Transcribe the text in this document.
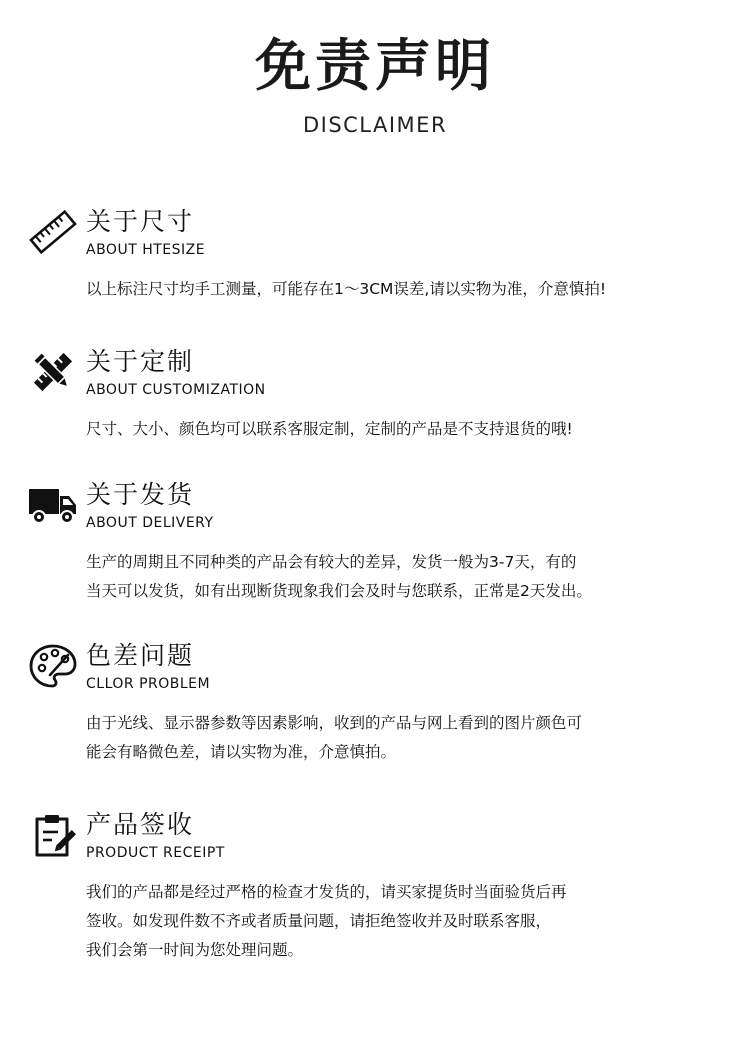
免责声明
DISCLAIMER
关于尺寸
ABOUT HTESIZE
以上标注尺寸均手工测量，可能存在1～3CM误差,请以实物为准，介意慎拍!
关于定制
ABOUT CUSTOMIZATION
尺寸、大小、颜色均可以联系客服定制，定制的产品是不支持退货的哦!
关于发货
ABOUT DELIVERY
生产的周期且不同种类的产品会有较大的差异，发货一般为3-7天，有的
当天可以发货，如有出现断货现象我们会及时与您联系，正常是2天发出。
色差问题
CLLOR PROBLEM
由于光线、显示器参数等因素影响，收到的产品与网上看到的图片颜色可
能会有略微色差，请以实物为准，介意慎拍。
产品签收
PRODUCT RECEIPT
我们的产品都是经过严格的检查才发货的，请买家提货时当面验货后再
签收。如发现件数不齐或者质量问题，请拒绝签收并及时联系客服，
我们会第一时间为您处理问题。
